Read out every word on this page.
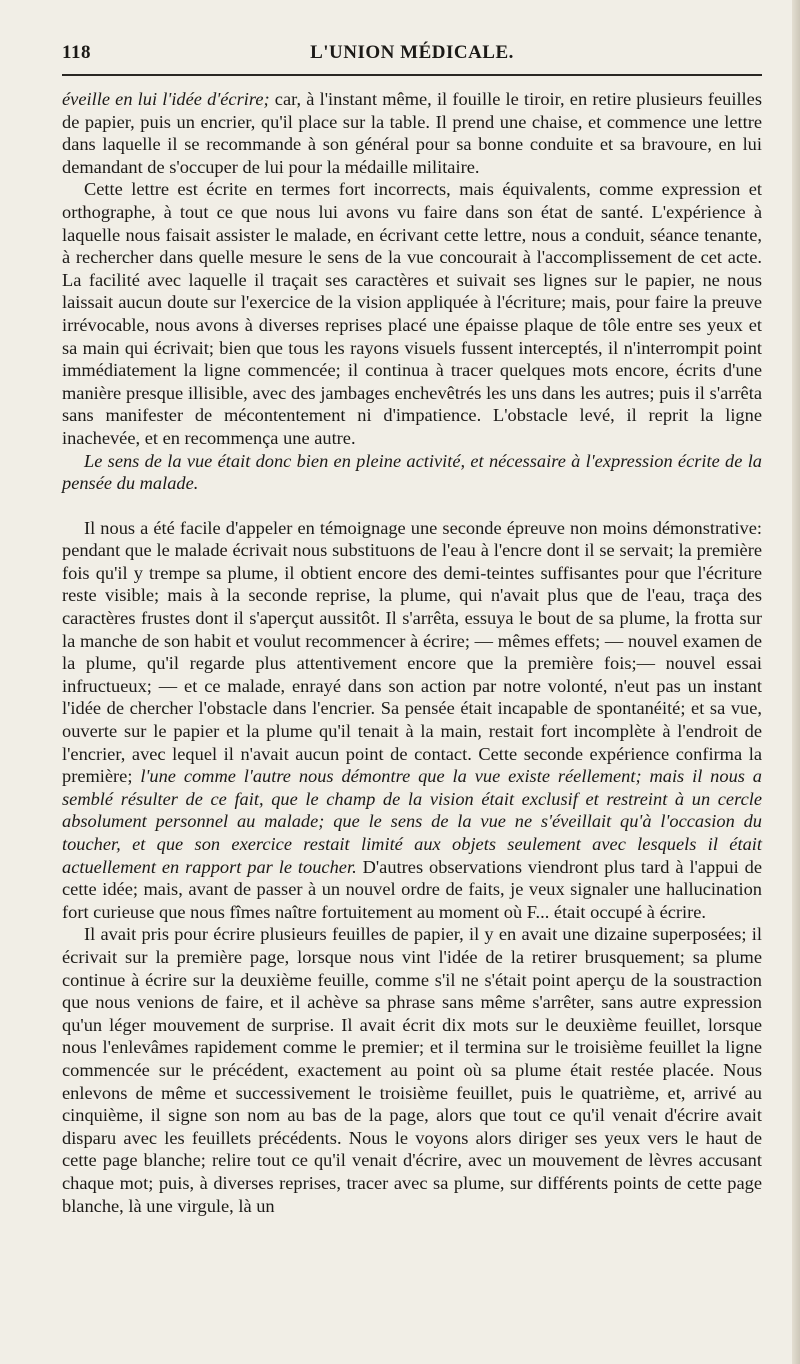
118	L'UNION MÉDICALE.

éveille en lui l'idée d'écrire; car, à l'instant même, il fouille le tiroir, en retire plusieurs feuilles de papier, puis un encrier, qu'il place sur la table. Il prend une chaise, et commence une lettre dans laquelle il se recommande à son général pour sa bonne conduite et sa bravoure, en lui demandant de s'occuper de lui pour la médaille militaire.

Cette lettre est écrite en termes fort incorrects, mais équivalents, comme expression et orthographe, à tout ce que nous lui avons vu faire dans son état de santé. L'expérience à laquelle nous faisait assister le malade, en écrivant cette lettre, nous a conduit, séance tenante, à rechercher dans quelle mesure le sens de la vue concourait à l'accomplissement de cet acte. La facilité avec laquelle il traçait ses caractères et suivait ses lignes sur le papier, ne nous laissait aucun doute sur l'exercice de la vision appliquée à l'écriture; mais, pour faire la preuve irrévocable, nous avons à diverses reprises placé une épaisse plaque de tôle entre ses yeux et sa main qui écrivait; bien que tous les rayons visuels fussent interceptés, il n'interrompit point immédiatement la ligne commencée; il continua à tracer quelques mots encore, écrits d'une manière presque illisible, avec des jambages enchevêtrés les uns dans les autres; puis il s'arrêta sans manifester de mécontentement ni d'impatience. L'obstacle levé, il reprit la ligne inachevée, et en recommença une autre.

Le sens de la vue était donc bien en pleine activité, et nécessaire à l'expression écrite de la pensée du malade.

Il nous a été facile d'appeler en témoignage une seconde épreuve non moins démonstrative: pendant que le malade écrivait nous substituons de l'eau à l'encre dont il se servait; la première fois qu'il y trempe sa plume, il obtient encore des demi-teintes suffisantes pour que l'écriture reste visible; mais à la seconde reprise, la plume, qui n'avait plus que de l'eau, traça des caractères frustes dont il s'aperçut aussitôt. Il s'arrêta, essuya le bout de sa plume, la frotta sur la manche de son habit et voulut recommencer à écrire; — mêmes effets; — nouvel examen de la plume, qu'il regarde plus attentivement encore que la première fois;— nouvel essai infructueux; — et ce malade, enrayé dans son action par notre volonté, n'eut pas un instant l'idée de chercher l'obstacle dans l'encrier. Sa pensée était incapable de spontanéité; et sa vue, ouverte sur le papier et la plume qu'il tenait à la main, restait fort incomplète à l'endroit de l'encrier, avec lequel il n'avait aucun point de contact. Cette seconde expérience confirma la première; l'une comme l'autre nous démontre que la vue existe réellement; mais il nous a semblé résulter de ce fait, que le champ de la vision était exclusif et restreint à un cercle absolument personnel au malade; que le sens de la vue ne s'éveillait qu'à l'occasion du toucher, et que son exercice restait limité aux objets seulement avec lesquels il était actuellement en rapport par le toucher. D'autres observations viendront plus tard à l'appui de cette idée; mais, avant de passer à un nouvel ordre de faits, je veux signaler une hallucination fort curieuse que nous fîmes naître fortuitement au moment où F... était occupé à écrire.

Il avait pris pour écrire plusieurs feuilles de papier, il y en avait une dizaine superposées; il écrivait sur la première page, lorsque nous vint l'idée de la retirer brusquement; sa plume continue à écrire sur la deuxième feuille, comme s'il ne s'était point aperçu de la soustraction que nous venions de faire, et il achève sa phrase sans même s'arrêter, sans autre expression qu'un léger mouvement de surprise. Il avait écrit dix mots sur le deuxième feuillet, lorsque nous l'enlevâmes rapidement comme le premier; et il termina sur le troisième feuillet la ligne commencée sur le précédent, exactement au point où sa plume était restée placée. Nous enlevons de même et successivement le troisième feuillet, puis le quatrième, et, arrivé au cinquième, il signe son nom au bas de la page, alors que tout ce qu'il venait d'écrire avait disparu avec les feuillets précédents. Nous le voyons alors diriger ses yeux vers le haut de cette page blanche; relire tout ce qu'il venait d'écrire, avec un mouvement de lèvres accusant chaque mot; puis, à diverses reprises, tracer avec sa plume, sur différents points de cette page blanche, là une virgule, là un
